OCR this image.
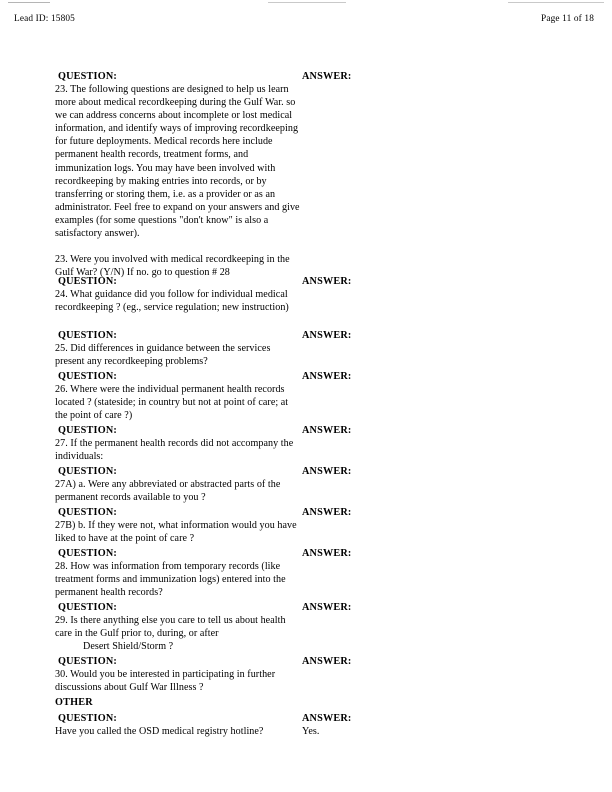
Lead ID: 15805	Page 11 of 18
QUESTION:

23. The following questions are designed to help us learn more about medical recordkeeping during the Gulf War. so we can address concerns about incomplete or lost medical information, and identify ways of improving recordkeeping for future deployments. Medical records here include permanent health records, treatment forms, and immunization logs. You may have been involved with recordkeeping by making entries into records, or by transferring or storing them, i.e. as a provider or as an administrator. Feel free to expand on your answers and give examples (for some questions "don't know" is also a satisfactory answer).

23. Were you involved with medical recordkeeping in the Gulf War? (Y/N) If no. go to question # 28

ANSWER:
QUESTION:

24. What guidance did you follow for individual medical recordkeeping ? (eg., service regulation; new instruction)

ANSWER:
QUESTION:

25. Did differences in guidance between the services present any recordkeeping problems?

ANSWER:
QUESTION:

26. Where were the individual permanent health records located ? (stateside; in country but not at point of care; at the point of care ?)

ANSWER:
QUESTION:

27. If the permanent health records did not accompany the individuals:

ANSWER:
QUESTION:

27A) a. Were any abbreviated or abstracted parts of the permanent records available to you ?

ANSWER:
QUESTION:

27B) b. If they were not, what information would you have liked to have at the point of care ?

ANSWER:
QUESTION:

28. How was information from temporary records (like treatment forms and immunization logs) entered into the permanent health records?

ANSWER:
QUESTION:

29. Is there anything else you care to tell us about health care in the Gulf prior to, during, or after

Desert Shield/Storm ?

ANSWER:
QUESTION:

30. Would you be interested in participating in further discussions about Gulf War Illness ?

ANSWER:
OTHER
QUESTION:

Have you called the OSD medical registry hotline?

ANSWER:
Yes.
